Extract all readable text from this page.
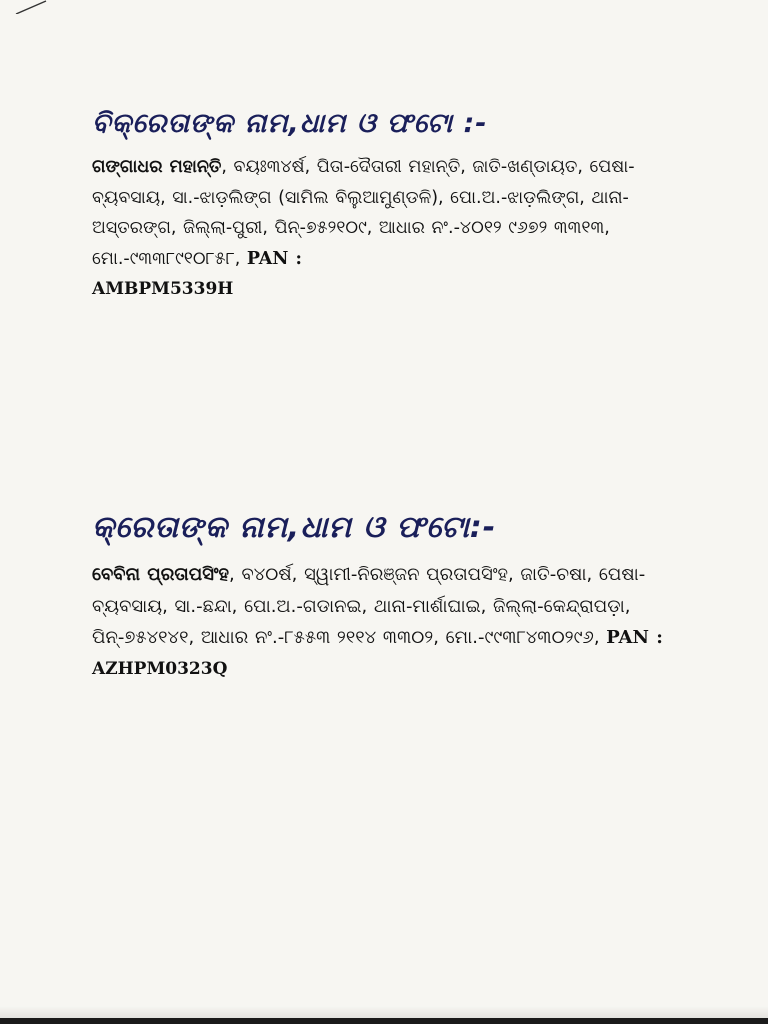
ବିକ୍ରେତାଙ୍କ ନାମ,ଧାମ ଓ ଫଟୋ :-

ଗଙ୍ଗାଧର ମହାନ୍ତି, ବୟଃ୩୪ର୍ଷ, ପିତା-ଦୈତାରୀ ମହାନ୍ତି, ଜାତି-ଖଣ୍ଡାୟତ, ପେଷା-ବ୍ୟବସାୟ, ସା.-ଝାଡ଼ଲିଙ୍ଗ (ସାମିଲ ବିଲୁଆମୁଣ୍ଡଳି), ପୋ.ଅ.-ଝାଡ଼ଲିଙ୍ଗ, ଥାନା-ଅସ୍ତରଙ୍ଗ, ଜିଲ୍ଲା-ପୁରୀ, ପିନ୍-୭୫୨୧୦୯, ଆଧାର ନଂ.-୪୦୧୨ ୯୬୭୨ ୩୩୧୩, ମୋ.-୯୩୩୮୯୧୦୮୫୮, PAN :
AMBPM5339H

କ୍ରେତାଙ୍କ ନାମ,ଧାମ ଓ ଫଟୋ:-

ବେବିନା ପ୍ରତାପସିଂହ, ବ୪୦ର୍ଷ, ସ୍ୱାମୀ-ନିରଞ୍ଜନ ପ୍ରତାପସିଂହ, ଜାତି-ଚଷା, ପେଷା-ବ୍ୟବସାୟ, ସା.-ଛନ୍ଦା, ପୋ.ଅ.-ଗଡାନଇ, ଥାନା-ମାର୍ଶାଘାଇ, ଜିଲ୍ଲା-କେନ୍ଦ୍ରାପଡ଼ା, ପିନ୍-୭୫୪୧୪୧, ଆଧାର ନଂ.-୮୫୫୩ ୨୧୧୪ ୩୩୦୨, ମୋ.-୯୯୩୮୪୩୦୨୯୬, PAN :
AZHPM0323Q
